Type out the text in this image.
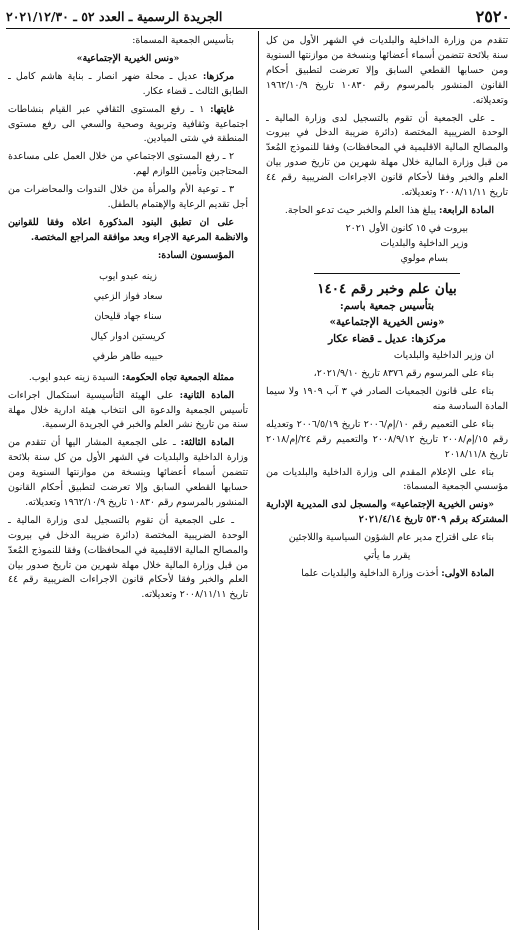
٢٥٢٠
الجريدة الرسمية ـ العدد ٥٢ ـ ٢٠٢١/١٢/٣٠

تتقدم من وزارة الداخلية والبلديات في الشهر الأول من كل سنة بلائحة تتضمن أسماء أعضائها وبنسخة من موازنتها السنوية ومن حسابها القطعي السابق وإلا تعرضت لتطبيق أحكام القانون المنشور بالمرسوم رقم ١٠٨٣٠ تاريخ ١٩٦٢/١٠/٩ وتعديلاته.

ـ على الجمعية أن تقوم بالتسجيل لدى وزارة المالية ـ الوحدة الضريبية المختصة (دائرة ضريبة الدخل في بيروت والمصالح المالية الاقليمية في المحافظات) وفقا للنموذج المُعدّ من قبل وزارة المالية خلال مهلة شهرين من تاريخ صدور بيان العلم والخبر وفقا لأحكام قانون الاجراءات الضريبية رقم ٤٤ تاريخ ٢٠٠٨/١١/١١ وتعديلاته.

المادة الرابعة: يبلغ هذا العلم والخبر حيث تدعو الحاجة.

بيروت في ١٥ كانون الأول ٢٠٢١

وزير الداخلية والبلديات

بسام مولوي

بيان علم وخبر رقم ١٤٠٤
بتأسيس جمعية باسم:
«ونس الخيرية الإجتماعية»
مركزها: عديل ـ قضاء عكار

ان وزير الداخلية والبلديات

بناء على المرسوم رقم ٨٣٧٦ تاريخ ٢٠٢١/٩/١٠،

بناء على قانون الجمعيات الصادر في ٣ آب ١٩٠٩ ولا سيما المادة السادسة منه

بناء على التعميم رقم ١٠/إم/٢٠٠٦ تاريخ ٢٠٠٦/٥/١٩ وتعديله رقم ١٥/إم/٢٠٠٨ تاريخ ٢٠٠٨/٩/١٢ والتعميم رقم ٢٤/إم/٢٠١٨ تاريخ ٢٠١٨/١١/٨

بناء على الإعلام المقدم الى وزارة الداخلية والبلديات من مؤسسي الجمعية المسماة:

«ونس الخيرية الإجتماعية» والمسجل لدى المديرية الإدارية المشتركة برقم ٥٣٠٩ تاريخ ٢٠٢١/٤/١٤

بناء على اقتراح مدير عام الشؤون السياسية واللاجئين

يقرر ما يأتي

المادة الاولى: أخذت وزارة الداخلية والبلديات علما

بتأسيس الجمعية المسماة:

«ونس الخيرية الإجتماعية»

مركزها: عديل ـ محلة ضهر انصار ـ بناية هاشم كامل ـ الطابق الثالث ـ قضاء عكار.

غايتها: ١ ـ رفع المستوى الثقافي عبر القيام بنشاطات اجتماعية وثقافية وتربوية وصحية والسعي الى رفع مستوى المنطقة في شتى الميادين.

٢ ـ رفع المستوى الاجتماعي من خلال العمل على مساعدة المحتاجين وتأمين اللوازم لهم.

٣ ـ توعية الأم والمرأة من خلال الندوات والمحاضرات من أجل تقديم الرعاية والإهتمام بالطفل.

على ان تطبق البنود المذكورة اعلاه وفقا للقوانين والانظمة المرعية الاجراء وبعد موافقة المراجع المختصة.

المؤسسون السادة:

زينه عبدو ايوب
سعاد فواز الزعبي
سناء جهاد قليحان
كريستين ادوار كيال
حبيبه طاهر طرفي

ممثلة الجمعية تجاه الحكومة: السيدة زينه عبدو ايوب.

المادة الثانية: على الهيئة التأسيسية استكمال اجراءات تأسيس الجمعية والدعوة الى انتخاب هيئة ادارية خلال مهلة سنة من تاريخ نشر العلم والخبر في الجريدة الرسمية.

المادة الثالثة: ـ على الجمعية المشار اليها أن تتقدم من وزارة الداخلية والبلديات في الشهر الأول من كل سنة بلائحة تتضمن أسماء أعضائها وبنسخة من موازنتها السنوية ومن حسابها القطعي السابق وإلا تعرضت لتطبيق أحكام القانون المنشور بالمرسوم رقم ١٠٨٣٠ تاريخ ١٩٦٢/١٠/٩ وتعديلاته.

ـ على الجمعية أن تقوم بالتسجيل لدى وزارة المالية ـ الوحدة الضريبية المختصة (دائرة ضريبة الدخل في بيروت والمصالح المالية الاقليمية في المحافظات) وفقا للنموذج المُعدّ من قبل وزارة المالية خلال مهلة شهرين من تاريخ صدور بيان العلم والخبر وفقا لأحكام قانون الاجراءات الضريبية رقم ٤٤ تاريخ ٢٠٠٨/١١/١١ وتعديلاته.
